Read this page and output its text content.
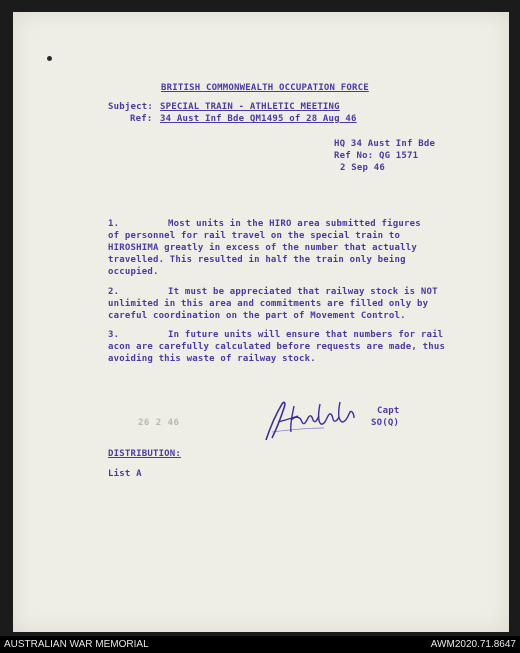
BRITISH COMMONWEALTH OCCUPATION FORCE
Subject: SPECIAL TRAIN - ATHLETIC MEETING
Ref: 34 Aust Inf Bde QM1495 of 28 Aug 46
HQ 34 Aust Inf Bde
Ref No: QG 1571
2 Sep 46
1.	Most units in the HIRO area submitted figures
of personnel for rail travel on the special train to
HIROSHIMA greatly in excess of the number that actually
travelled. This resulted in half the train only being
occupied.
2.	It must be appreciated that railway stock is NOT
unlimited in this area and commitments are filled only by
careful coordination on the part of Movement Control.
3.	In future units will ensure that numbers for rail
acon are carefully calculated before requests are made, thus
avoiding this waste of railway stock.
26 2 46
Capt
SO(Q)
DISTRIBUTION:
List A
AUSTRALIAN WAR MEMORIAL	AWM2020.71.8647
